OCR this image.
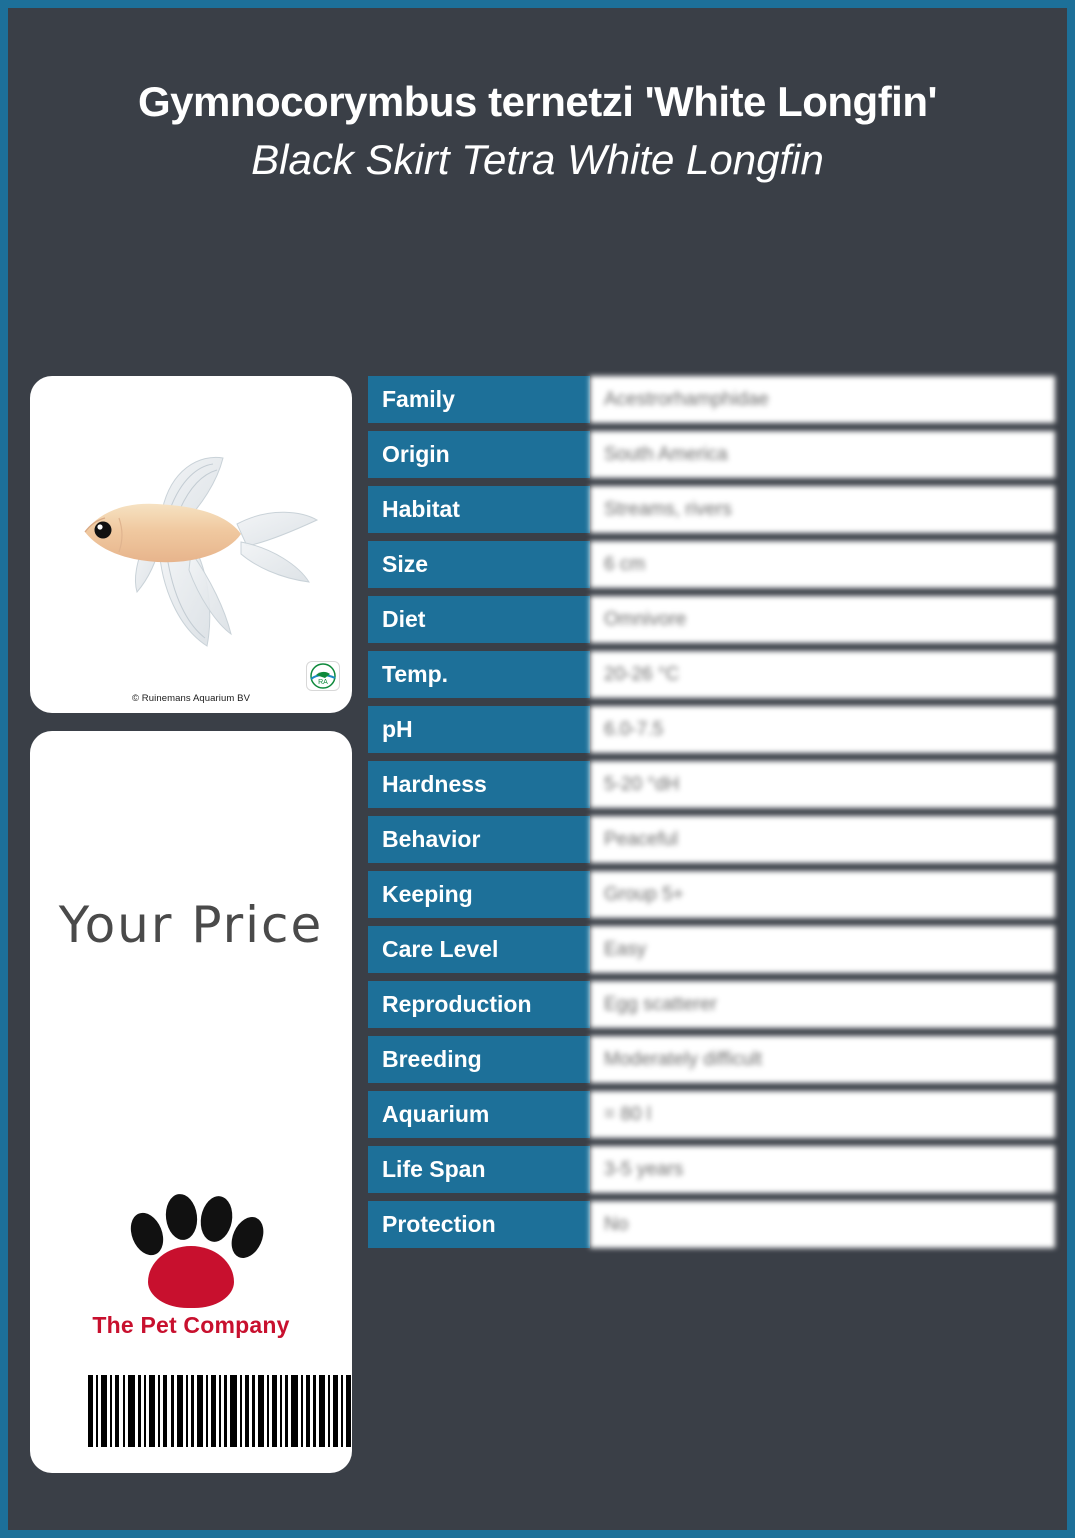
Gymnocorymbus ternetzi 'White Longfin'
Black Skirt Tetra White Longfin
RA
© Ruinemans Aquarium BV
Your Price
The Pet Company
Family	Acestrorhamphidae
Origin	South America
Habitat	Streams, rivers
Size	6 cm
Diet	Omnivore
Temp.	20-26 °C
pH	6.0-7.5
Hardness	5-20 °dH
Behavior	Peaceful
Keeping	Group 5+
Care Level	Easy
Reproduction	Egg scatterer
Breeding	Moderately difficult
Aquarium	= 80 l
Life Span	3-5 years
Protection	No
